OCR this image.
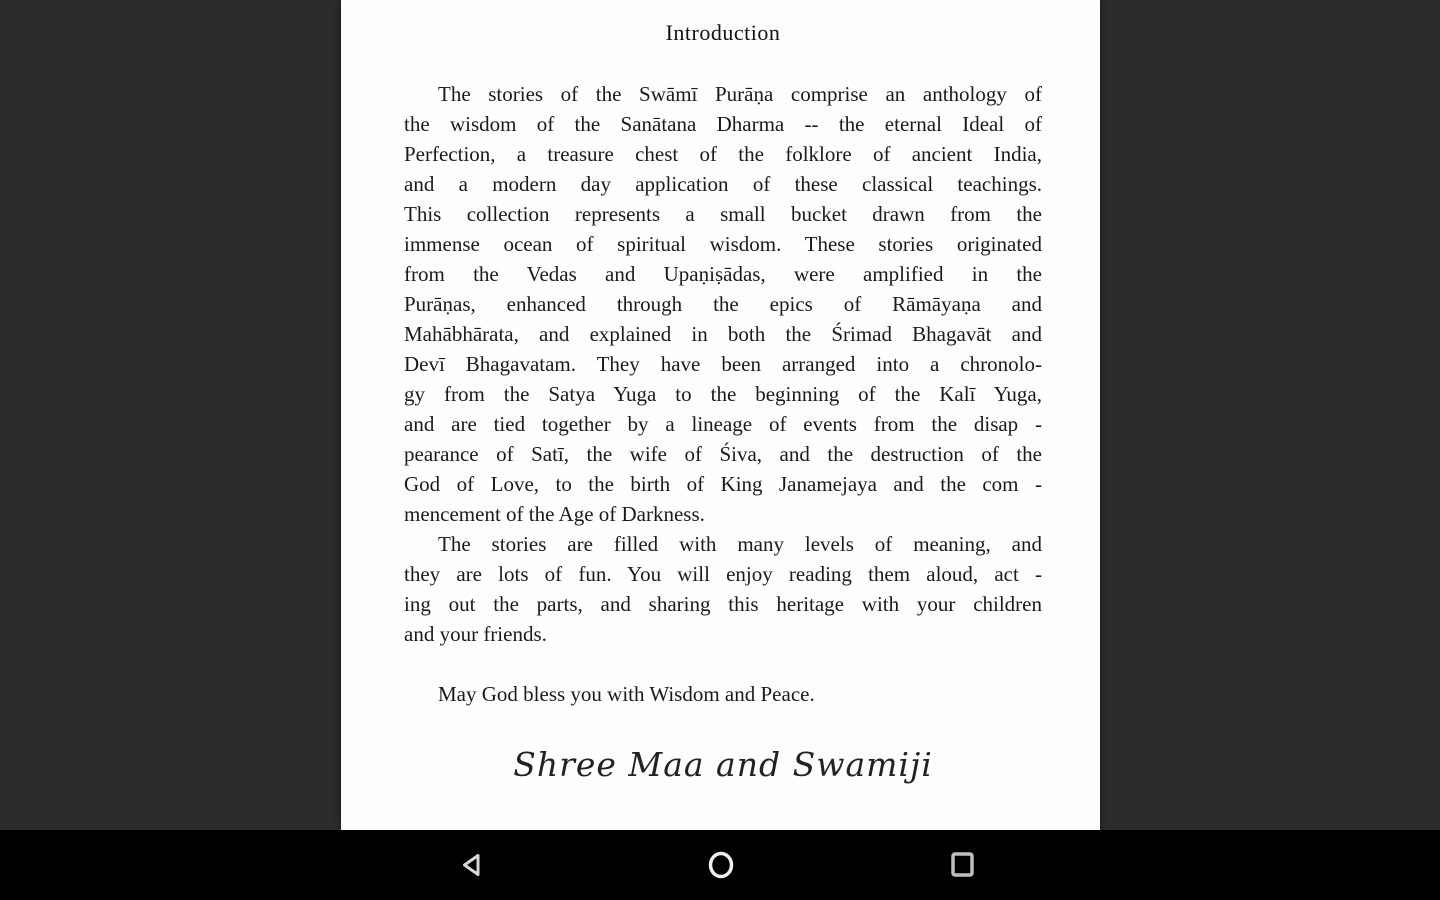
Introduction
The stories of the Swāmī Purāṇa comprise an anthology of
the wisdom of the Sanātana Dharma -- the eternal Ideal of
Perfection, a treasure chest of the folklore of ancient India,
and a modern day application of these classical teachings.
This collection represents a small bucket drawn from the
immense ocean of spiritual wisdom. These stories originated
from the Vedas and Upaṇiṣādas, were amplified in the
Purāṇas, enhanced through the epics of Rāmāyaṇa and
Mahābhārata, and explained in both the Śrimad Bhagavāt and
Devī Bhagavatam. They have been arranged into a chronolo-
gy from the Satya Yuga to the beginning of the Kalī Yuga,
and are tied together by a lineage of events from the disap -
pearance of Satī, the wife of Śiva, and the destruction of the
God of Love, to the birth of King Janamejaya and the com -
mencement of the Age of Darkness.
The stories are filled with many levels of meaning, and
they are lots of fun. You will enjoy reading them aloud, act -
ing out the parts, and sharing this heritage with your children
and your friends.
May God bless you with Wisdom and Peace.
Shree Maa and Swamiji
